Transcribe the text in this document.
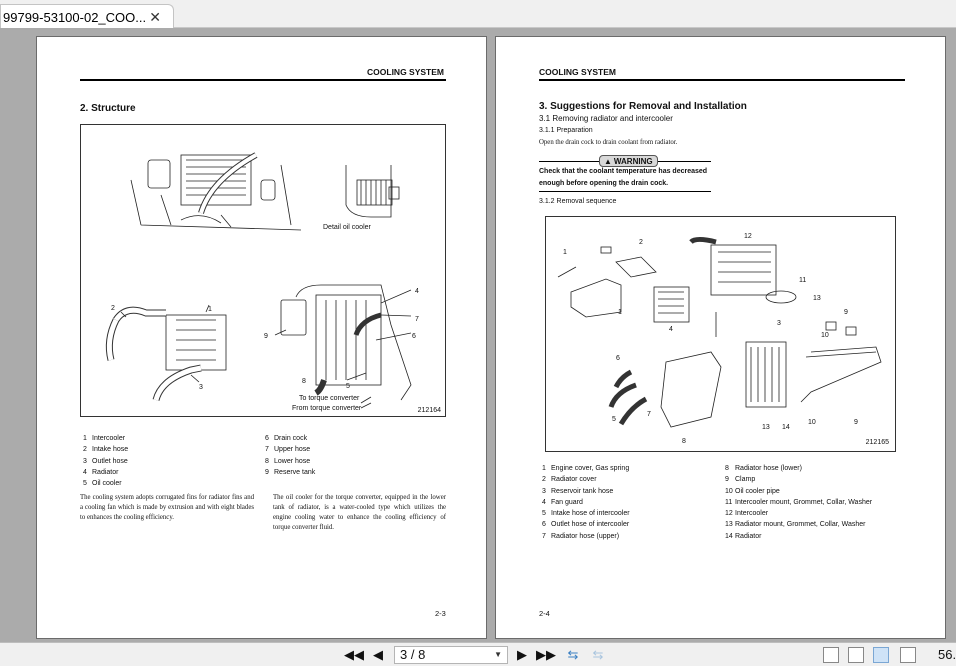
99799-53100-02_COO... ✕
COOLING SYSTEM
2. Structure
Detail oil cooler
1
2
3
4
5
6
7
8
9
To torque converter
From torque converter	212164
1 Intercooler
2 Intake hose
3 Outlet hose
4 Radiator
5 Oil cooler
6 Drain cock
7 Upper hose
8 Lower hose
9 Reserve tank
The cooling system adopts corrugated fins for radiator fins and a cooling fan which is made by extrusion and with eight blades to enhances the cooling efficiency.
The oil cooler for the torque converter, equipped in the lower tank of radiator, is a water-cooled type which utilizes the engine cooling water to enhance the cooling efficiency of torque converter fluid.
2-3
COOLING SYSTEM
3. Suggestions for Removal and Installation
3.1 Removing radiator and intercooler
3.1.1 Preparation
Open the drain cock to drain coolant from radiator.
▲ WARNING
Check that the coolant temperature has decreased
enough before opening the drain cock.
3.1.2 Removal sequence
1
1
2
3
4
5
6
7
8
9
9
10
10
11
12
13
13 14
212165
1 Engine cover, Gas spring
2 Radiator cover
3 Reservoir tank hose
4 Fan guard
5 Intake hose of intercooler
6 Outlet hose of intercooler
7 Radiator hose (upper)
8 Radiator hose (lower)
9 Clamp
10 Oil cooler pipe
11 Intercooler mount, Grommet, Collar, Washer
12 Intercooler
13 Radiator mount, Grommet, Collar, Washer
14 Radiator
2-4
◀◀ ◀	3 / 8	▼ ▶ ▶▶ ⇆ ⇆	56.
